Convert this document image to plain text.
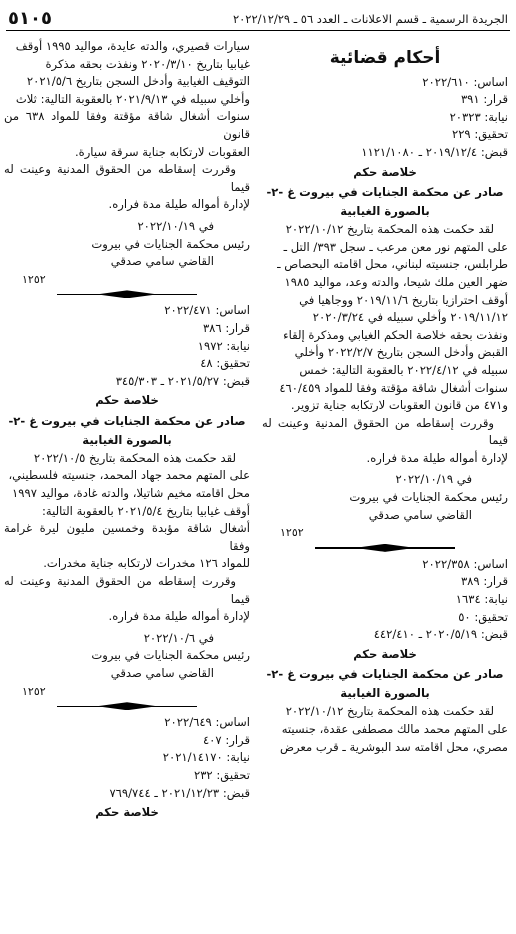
٥١٠٥	الجريدة الرسمية ـ قسم الاعلانات ـ العدد ٥٦ ـ ٢٠٢٢/١٢/٢٩
أحكام قضائية
اساس: ٢٠٢٢/٦١٠
قرار: ٣٩١
نيابة: ٢٠٣٢٣
تحقيق: ٢٢٩
قبض: ٢٠١٩/١٢/٤ ـ ١١٢١/١٠٨٠
خلاصة حكم
صادر عن محكمة الجنايات في بيروت غ -٢-
بالصورة الغيابية

لقد حكمت هذه المحكمة بتاريخ ٢٠٢٢/١٠/١٢

على المتهم نور معن مرعب ـ سجل ٣٩٣/ التل ـ

طرابلس، جنسيته لبناني، محل اقامته البحصاص ـ

ضهر العين ملك شيحا، والدته وعد، مواليد ١٩٨٥

أوقف احترازيا بتاريخ ٢٠١٩/١١/٦ ووجاهيا في

٢٠١٩/١١/١٢ وأخلي سبيله في ٢٠٢٠/٣/٢٤

ونفذت بحقه خلاصة الحكم الغيابي ومذكرة إلقاء

القبض وأدخل السجن بتاريخ ٢٠٢٢/٢/٧ وأخلي

سبيله في ٢٠٢٢/٤/١٢ بالعقوبة التالية: خمس

سنوات أشغال شاقة مؤقتة وفقا للمواد ٤٦٠/٤٥٩

و٤٧١ من قانون العقوبات لارتكابه جناية تزوير.

وقررت إسقاطه من الحقوق المدنية وعينت له قيما

لإدارة أمواله طيلة مدة فراره.

في ٢٠٢٢/١٠/١٩
رئيس محكمة الجنايات في بيروت
القاضي سامي صدقي
١٢٥٢
اساس: ٢٠٢٢/٣٥٨
قرار: ٣٨٩
نيابة: ١٦٣٤
تحقيق: ٥٠
قبض: ٢٠٢٠/٥/١٩ ـ ٤٤٢/٤١٠
خلاصة حكم
صادر عن محكمة الجنايات في بيروت غ -٢-
بالصورة الغيابية

لقد حكمت هذه المحكمة بتاريخ ٢٠٢٢/١٠/١٢

على المتهم محمد مالك مصطفى عقدة، جنسيته

مصري، محل اقامته سد البوشرية ـ قرب معرض

سيارات قصيري، والدته عايدة، مواليد ١٩٩٥ أوقف

غيابيا بتاريخ ٢٠٢٠/٣/١٠ ونفذت بحقه مذكرة

التوقيف الغيابية وأدخل السجن بتاريخ ٢٠٢١/٥/٦

وأخلي سبيله في ٢٠٢١/٩/١٣ بالعقوبة التالية: ثلاث

سنوات أشغال شاقة مؤقتة وفقا للمواد ٦٣٨ من قانون

العقوبات لارتكابه جناية سرقة سيارة.

وقررت إسقاطه من الحقوق المدنية وعينت له قيما

لإدارة أمواله طيلة مدة فراره.

في ٢٠٢٢/١٠/١٩
رئيس محكمة الجنايات في بيروت
القاضي سامي صدقي
١٢٥٢
اساس: ٢٠٢٢/٤٧١
قرار: ٣٨٦
نيابة: ١٩٧٢
تحقيق: ٤٨
قبض: ٢٠٢١/٥/٢٧ ـ ٣٤٥/٣٠٣
خلاصة حكم
صادر عن محكمة الجنايات في بيروت غ -٢-
بالصورة الغيابية

لقد حكمت هذه المحكمة بتاريخ ٢٠٢٢/١٠/٥

على المتهم محمد جهاد المحمد، جنسيته فلسطيني،

محل اقامته مخيم شاتيلا، والدته غادة، مواليد ١٩٩٧

أوقف غيابيا بتاريخ ٢٠٢١/٥/٤ بالعقوبة التالية:

أشغال شاقة مؤبدة وخمسين مليون ليرة غرامة وفقا

للمواد ١٢٦ مخدرات لارتكابه جناية مخدرات.

وقررت إسقاطه من الحقوق المدنية وعينت له قيما

لإدارة أمواله طيلة مدة فراره.

في ٢٠٢٢/١٠/٦
رئيس محكمة الجنايات في بيروت
القاضي سامي صدقي
١٢٥٢
اساس: ٢٠٢٢/٦٤٩
قرار: ٤٠٧
نيابة: ٢٠٢١/١٤١٧٠
تحقيق: ٢٣٢
قبض: ٢٠٢١/١٢/٢٣ ـ ٧٦٩/٧٤٤
خلاصة حكم
